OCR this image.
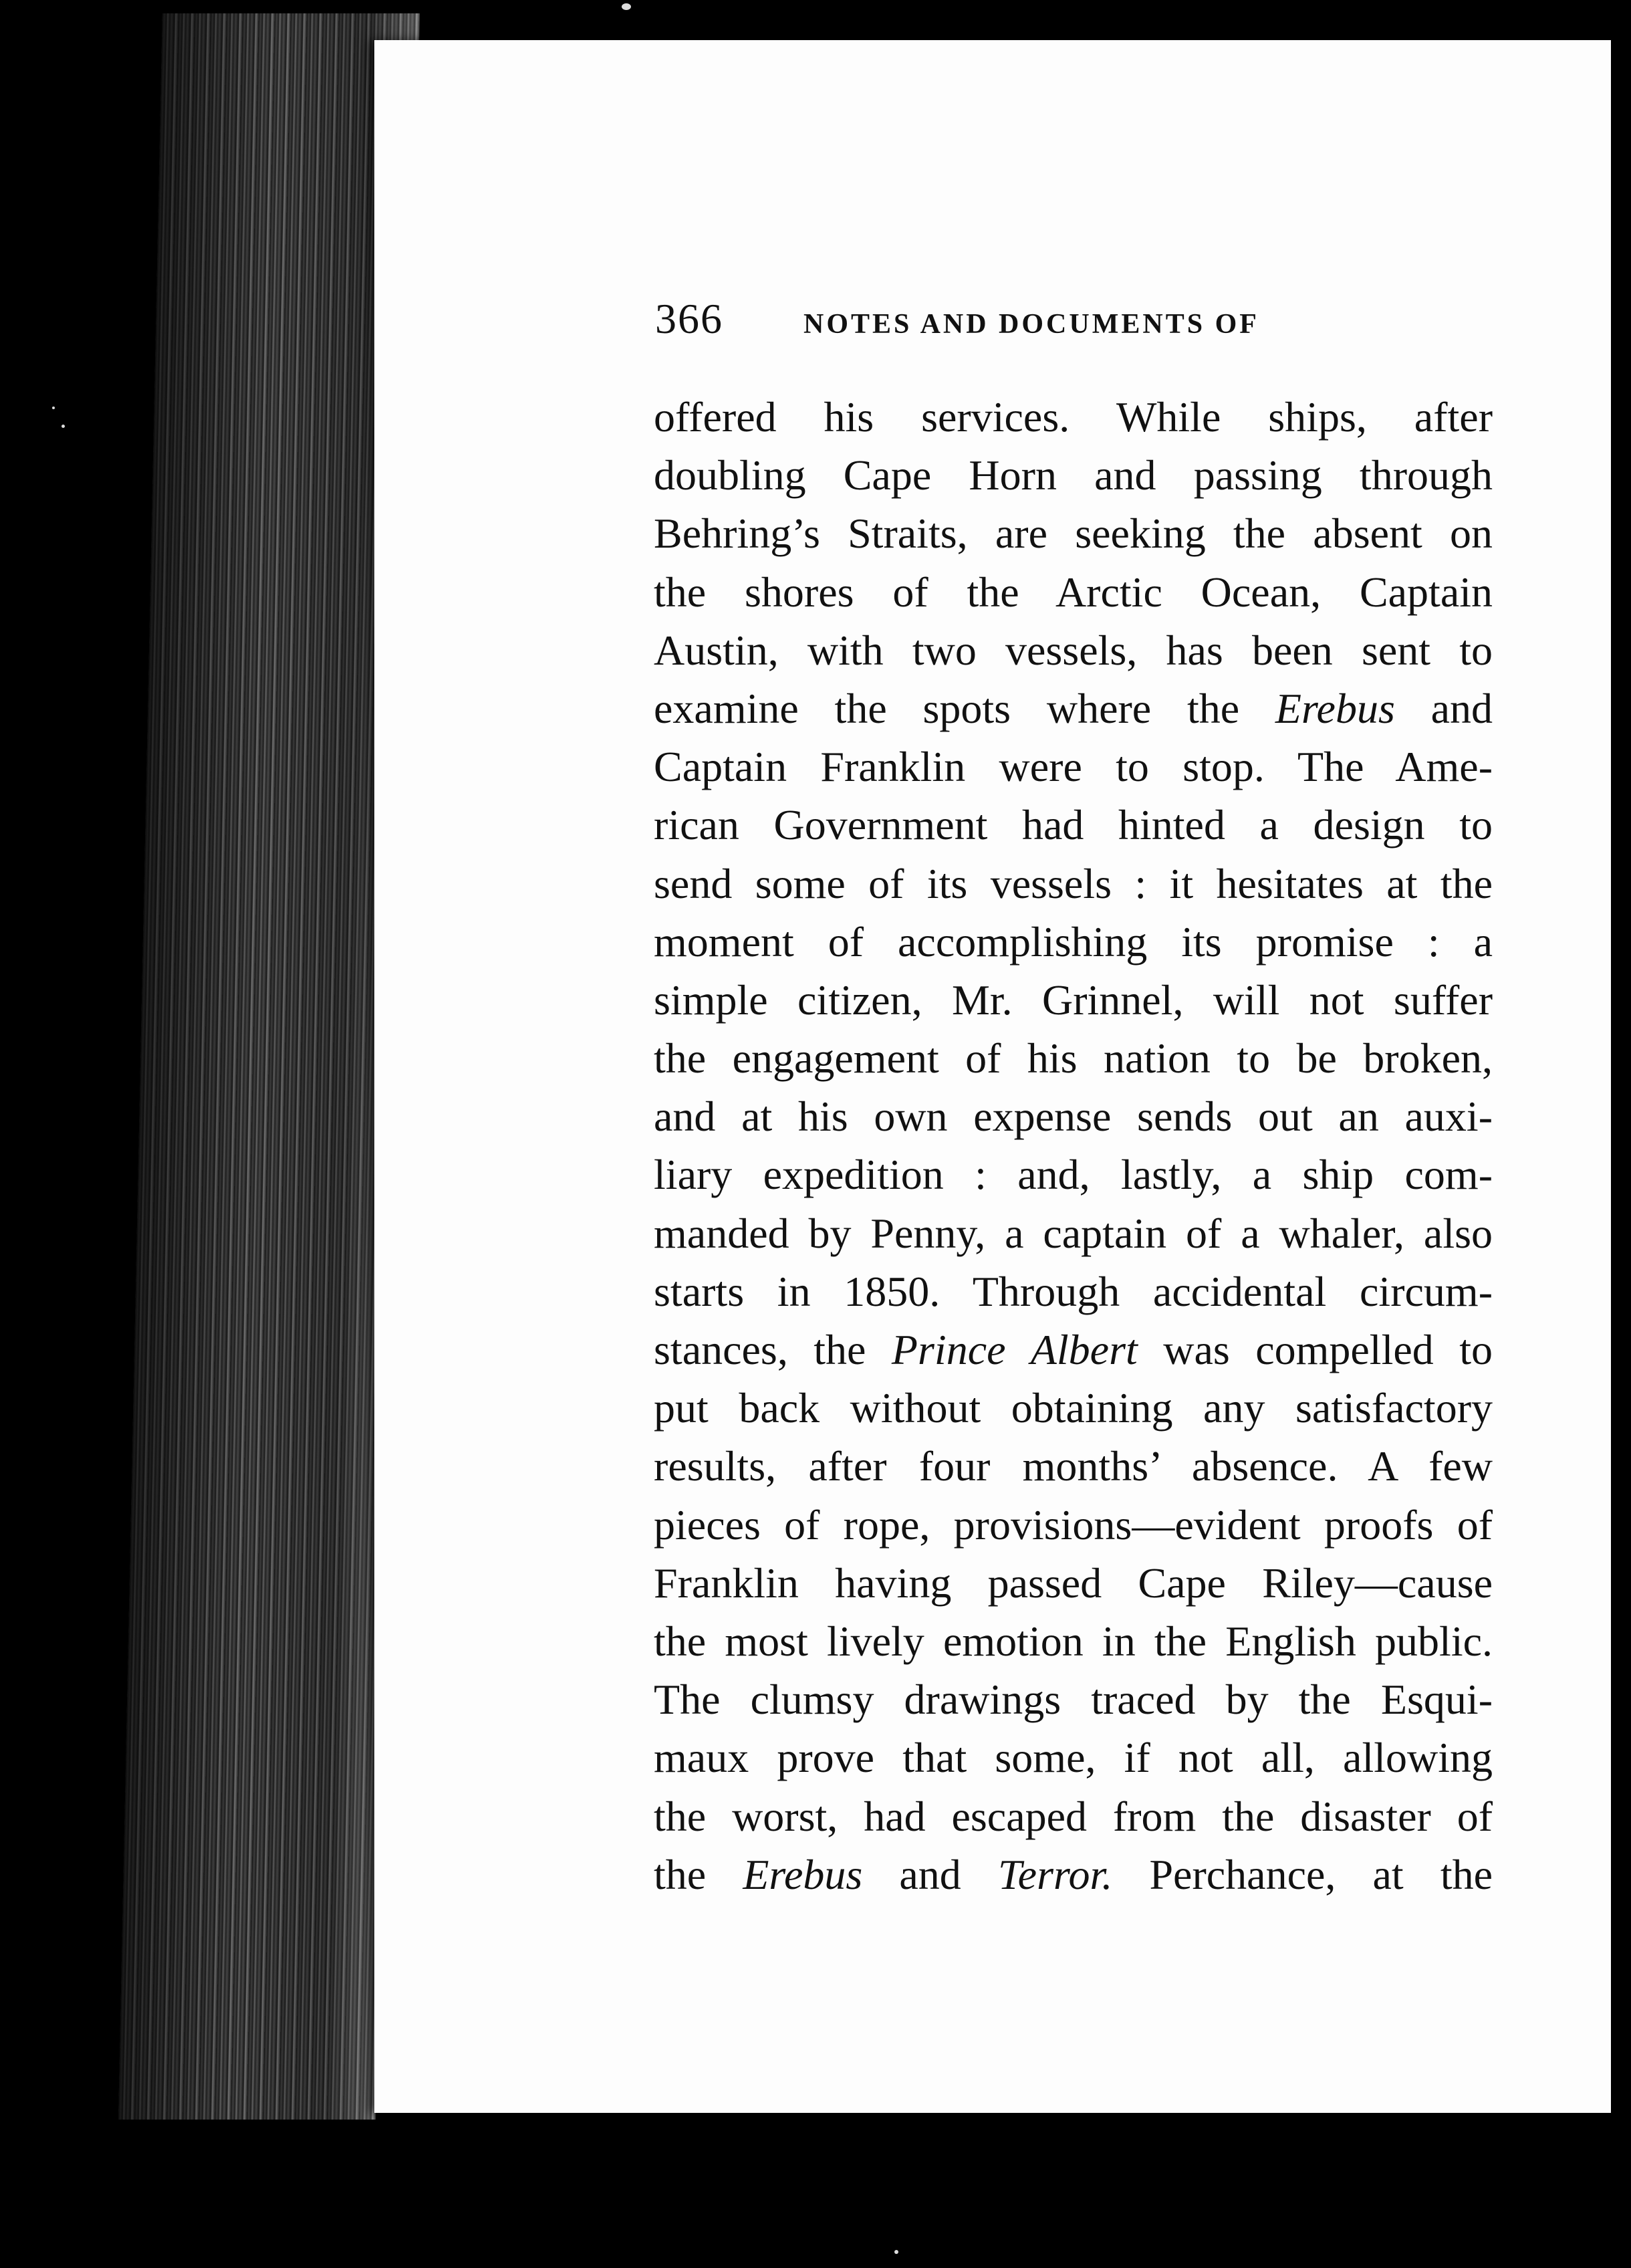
366	NOTES AND DOCUMENTS OF
offered his services. While ships, after
doubling Cape Horn and passing through
Behring’s Straits, are seeking the absent on
the shores of the Arctic Ocean, Captain
Austin, with two vessels, has been sent to
examine the spots where the Erebus and
Captain Franklin were to stop. The Ame-
rican Government had hinted a design to
send some of its vessels : it hesitates at the
moment of accomplishing its promise : a
simple citizen, Mr. Grinnel, will not suffer
the engagement of his nation to be broken,
and at his own expense sends out an auxi-
liary expedition : and, lastly, a ship com-
manded by Penny, a captain of a whaler, also
starts in 1850. Through accidental circum-
stances, the Prince Albert was compelled to
put back without obtaining any satisfactory
results, after four months’ absence. A few
pieces of rope, provisions—evident proofs of
Franklin having passed Cape Riley—cause
the most lively emotion in the English public.
The clumsy drawings traced by the Esqui-
maux prove that some, if not all, allowing
the worst, had escaped from the disaster of
the Erebus and Terror. Perchance, at the
